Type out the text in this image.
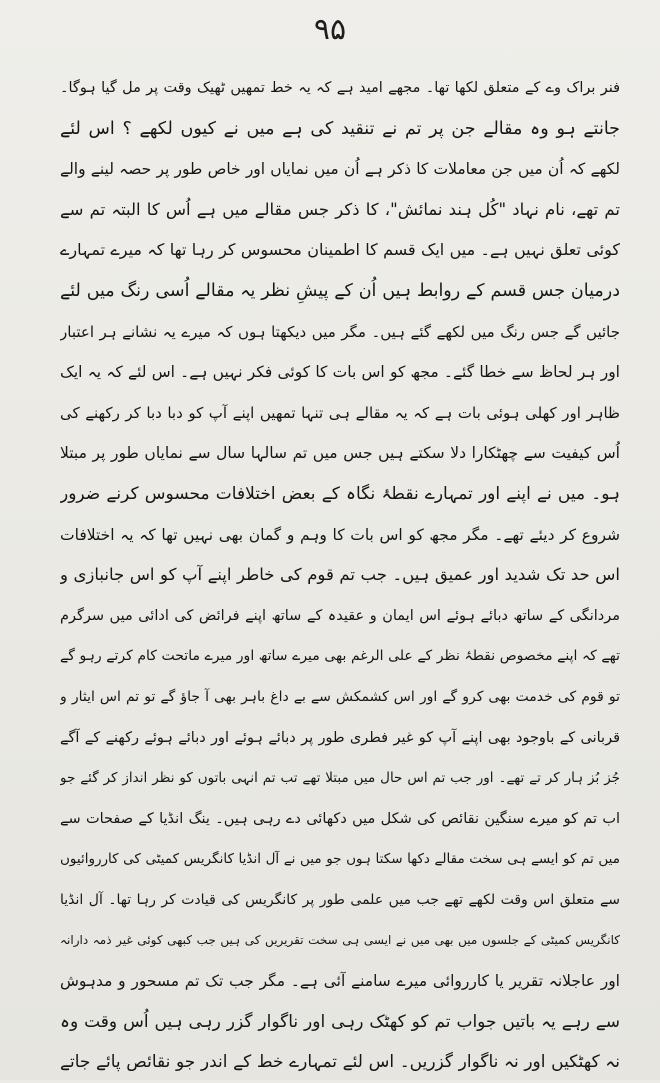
۹۵
فنر براک وے کے متعلق لکھا تھا۔ مجھے امید ہے کہ یہ خط تمھیں ٹھیک وقت پر مل گیا ہوگا۔
جانتے ہو وہ مقالے جن پر تم نے تنقید کی ہے میں نے کیوں لکھے ؟ اس لئے
لکھے کہ اُن میں جن معاملات کا ذکر ہے اُن میں نمایاں اور خاص طور پر حصہ لینے والے
تم تھے، نام نہاد "کُل ہند نمائش"، کا ذکر جس مقالے میں ہے اُس کا البتہ تم سے
کوئی تعلق نہیں ہے۔ میں ایک قسم کا اطمینان محسوس کر رہا تھا کہ میرے تمہارے
درمیان جس قسم کے روابط ہیں اُن کے پیشِ نظر یہ مقالے اُسی رنگ میں لئے
جائیں گے جس رنگ میں لکھے گئے ہیں۔ مگر میں دیکھتا ہوں کہ میرے یہ نشانے ہر اعتبار
اور ہر لحاظ سے خطا گئے۔ مجھ کو اس بات کا کوئی فکر نہیں ہے۔ اس لئے کہ یہ ایک
ظاہر اور کھلی ہوئی بات ہے کہ یہ مقالے ہی تنہا تمھیں اپنے آپ کو دبا دبا کر رکھنے کی
اُس کیفیت سے چھٹکارا دلا سکتے ہیں جس میں تم سالہا سال سے نمایاں طور پر مبتلا
ہو۔ میں نے اپنے اور تمہارے نقطۂ نگاہ کے بعض اختلافات محسوس کرنے ضرور
شروع کر دیئے تھے۔ مگر مجھ کو اس بات کا وہم و گمان بھی نہیں تھا کہ یہ اختلافات
اس حد تک شدید اور عمیق ہیں۔ جب تم قوم کی خاطر اپنے آپ کو اس جانبازی و
مردانگی کے ساتھ دبائے ہوئے اس ایمان و عقیدہ کے ساتھ اپنے فرائض کی ادائی میں سرگرم
تھے کہ اپنے مخصوص نقطۂ نظر کے علی الرغم بھی میرے ساتھ اور میرے ماتحت کام کرتے رہو گے
تو قوم کی خدمت بھی کرو گے اور اس کشمکش سے بے داغ باہر بھی آ جاؤ گے تو تم اس ایثار و
قربانی کے باوجود بھی اپنے آپ کو غیر فطری طور پر دبائے ہوئے اور دبائے ہوئے رکھنے کے آگے
جُز بُز ہار کر تے تھے۔ اور جب تم اس حال میں مبتلا تھے تب تم انہی باتوں کو نظر انداز کر گئے جو
اب تم کو میرے سنگین نقائص کی شکل میں دکھائی دے رہی ہیں۔ ینگ انڈیا کے صفحات سے
میں تم کو ایسے ہی سخت مقالے دکھا سکتا ہوں جو میں نے آل انڈیا کانگریس کمیٹی کی کارروائیوں
سے متعلق اس وقت لکھے تھے جب میں علمی طور پر کانگریس کی قیادت کر رہا تھا۔ آل انڈیا
کانگریس کمیٹی کے جلسوں میں بھی میں نے ایسی ہی سخت تقریریں کی ہیں جب کبھی کوئی غیر ذمہ دارانہ
اور عاجلانہ تقریر یا کارروائی میرے سامنے آئی ہے۔ مگر جب تک تم مسحور و مدہوش
سے رہے یہ باتیں جواب تم کو کھٹک رہی اور ناگوار گزر رہی ہیں اُس وقت وہ
نہ کھٹکیں اور نہ ناگوار گزریں۔ اس لئے تمہارے خط کے اندر جو نقائص پائے جاتے
